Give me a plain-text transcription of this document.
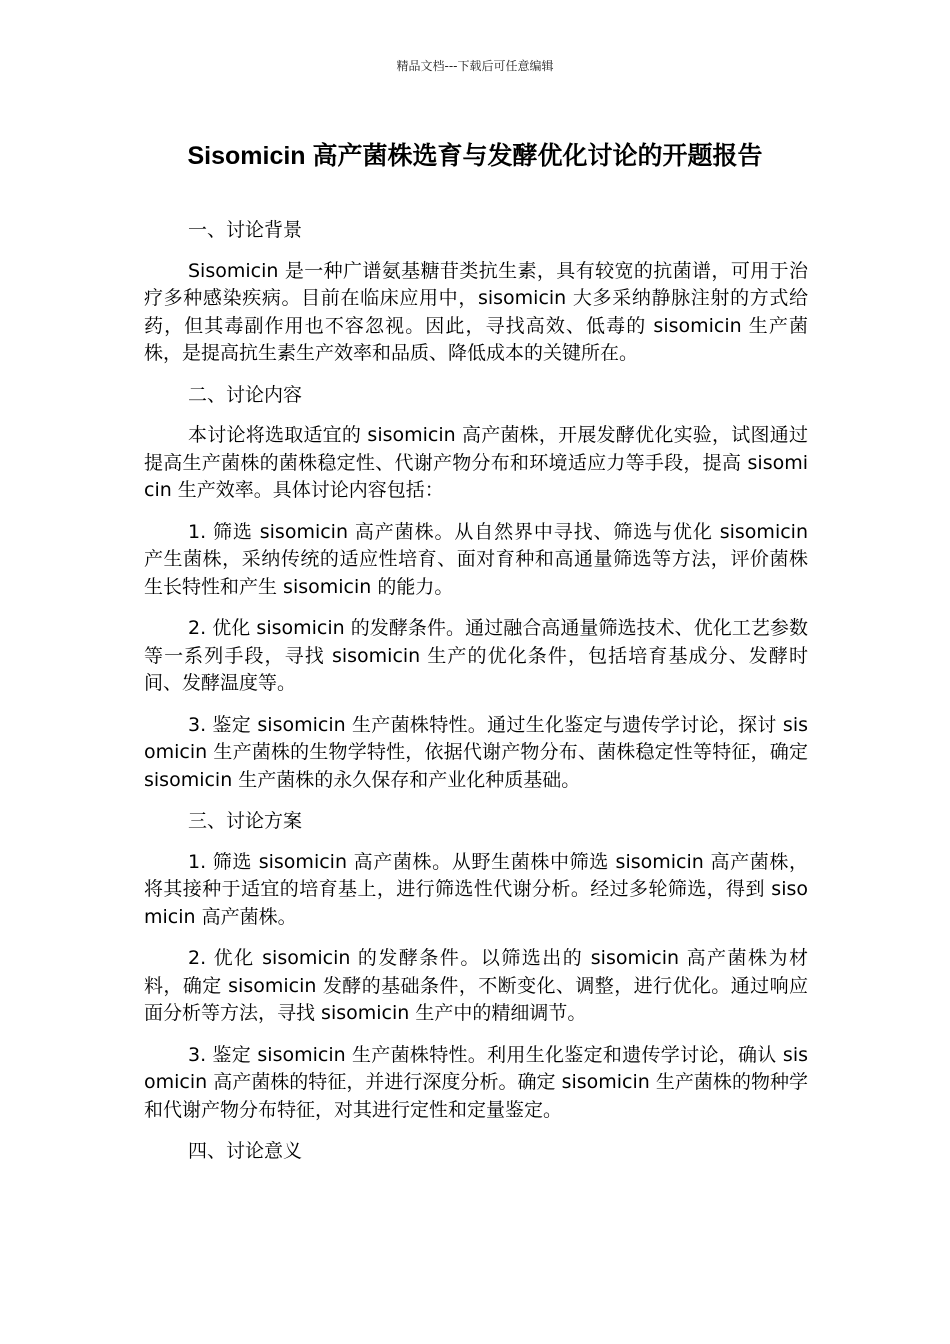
精品文档---下载后可任意编辑
Sisomicin 高产菌株选育与发酵优化讨论的开题报告

一、讨论背景

Sisomicin 是一种广谱氨基糖苷类抗生素，具有较宽的抗菌谱，可用于治疗多种感染疾病。目前在临床应用中，sisomicin 大多采纳静脉注射的方式给药，但其毒副作用也不容忽视。因此，寻找高效、低毒的 sisomicin 生产菌株，是提高抗生素生产效率和品质、降低成本的关键所在。

二、讨论内容

本讨论将选取适宜的 sisomicin 高产菌株，开展发酵优化实验，试图通过提高生产菌株的菌株稳定性、代谢产物分布和环境适应力等手段，提高 sisomicin 生产效率。具体讨论内容包括：

1. 筛选 sisomicin 高产菌株。从自然界中寻找、筛选与优化 sisomicin 产生菌株，采纳传统的适应性培育、面对育种和高通量筛选等方法，评价菌株生长特性和产生 sisomicin 的能力。

2. 优化 sisomicin 的发酵条件。通过融合高通量筛选技术、优化工艺参数等一系列手段，寻找 sisomicin 生产的优化条件，包括培育基成分、发酵时间、发酵温度等。

3. 鉴定 sisomicin 生产菌株特性。通过生化鉴定与遗传学讨论，探讨 sisomicin 生产菌株的生物学特性，依据代谢产物分布、菌株稳定性等特征，确定 sisomicin 生产菌株的永久保存和产业化种质基础。

三、讨论方案

1. 筛选 sisomicin 高产菌株。从野生菌株中筛选 sisomicin 高产菌株，将其接种于适宜的培育基上，进行筛选性代谢分析。经过多轮筛选，得到 sisomicin 高产菌株。

2. 优化 sisomicin 的发酵条件。以筛选出的 sisomicin 高产菌株为材料，确定 sisomicin 发酵的基础条件，不断变化、调整，进行优化。通过响应面分析等方法，寻找 sisomicin 生产中的精细调节。

3. 鉴定 sisomicin 生产菌株特性。利用生化鉴定和遗传学讨论，确认 sisomicin 高产菌株的特征，并进行深度分析。确定 sisomicin 生产菌株的物种学和代谢产物分布特征，对其进行定性和定量鉴定。

四、讨论意义
